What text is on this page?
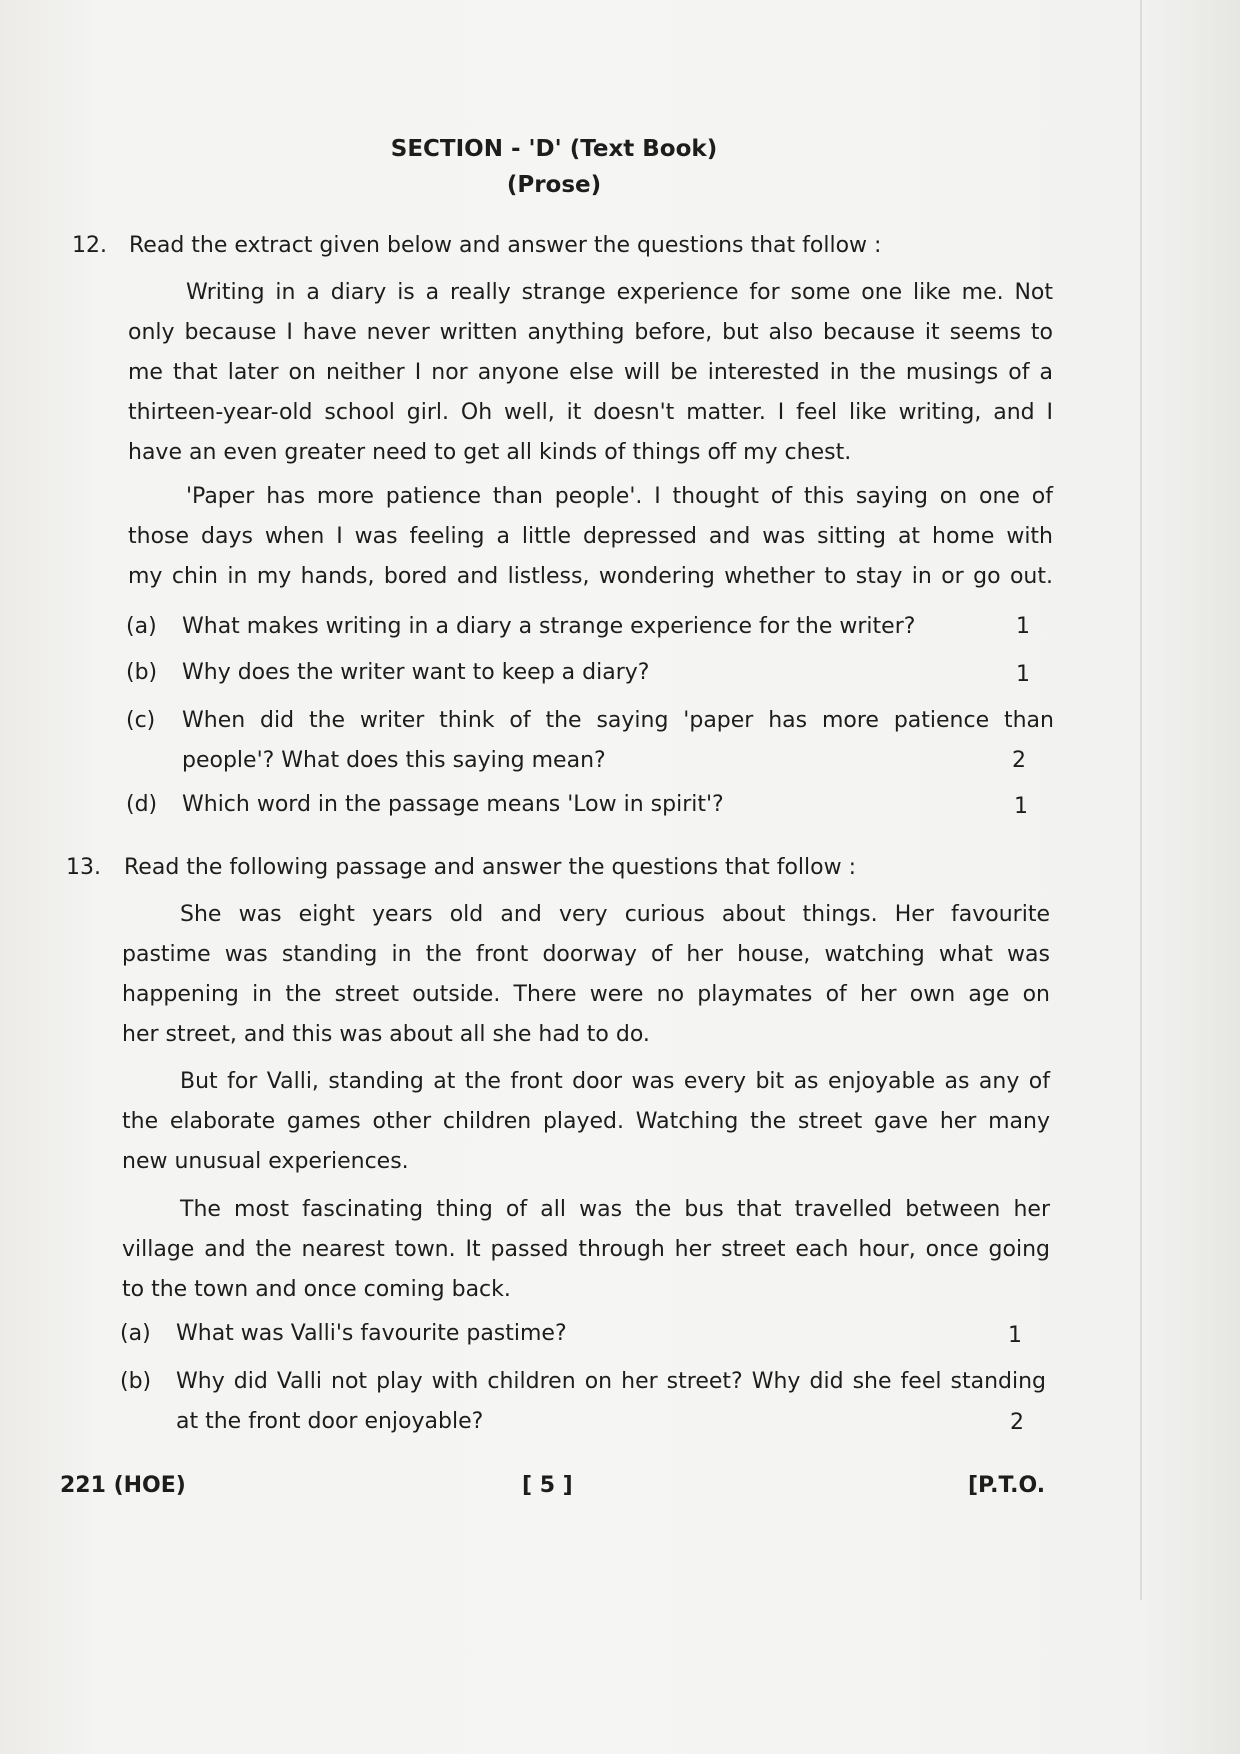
SECTION - 'D' (Text Book)
(Prose)
12. Read the extract given below and answer the questions that follow :
Writing in a diary is a really strange experience for some one like me. Not
only because I have never written anything before, but also because it seems to
me that later on neither I nor anyone else will be interested in the musings of a
thirteen-year-old school girl. Oh well, it doesn't matter. I feel like writing, and I
have an even greater need to get all kinds of things off my chest.
'Paper has more patience than people'. I thought of this saying on one of
those days when I was feeling a little depressed and was sitting at home with
my chin in my hands, bored and listless, wondering whether to stay in or go out.
(a) What makes writing in a diary a strange experience for the writer?	1
(b) Why does the writer want to keep a diary?	1
(c) When did the writer think of the saying 'paper has more patience than
people'? What does this saying mean?	2
(d) Which word in the passage means 'Low in spirit'?	1
13. Read the following passage and answer the questions that follow :
She was eight years old and very curious about things. Her favourite
pastime was standing in the front doorway of her house, watching what was
happening in the street outside. There were no playmates of her own age on
her street, and this was about all she had to do.
But for Valli, standing at the front door was every bit as enjoyable as any of
the elaborate games other children played. Watching the street gave her many
new unusual experiences.
The most fascinating thing of all was the bus that travelled between her
village and the nearest town. It passed through her street each hour, once going
to the town and once coming back.
(a) What was Valli's favourite pastime?	1
(b) Why did Valli not play with children on her street? Why did she feel standing
at the front door enjoyable?	2
221 (HOE)	[ 5 ]	[P.T.O.
